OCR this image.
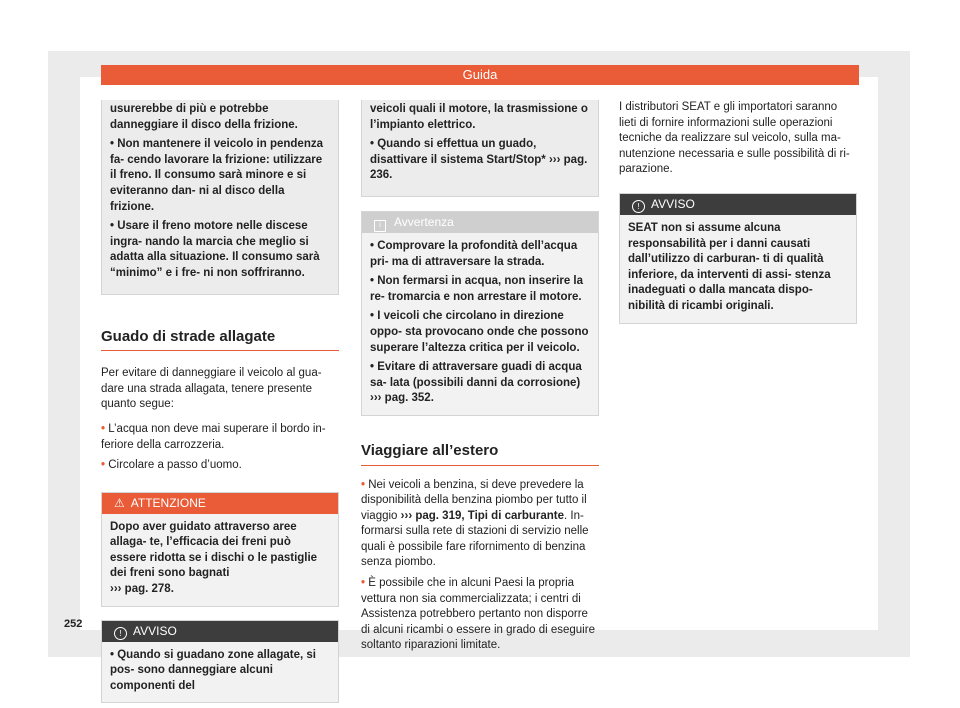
Guida

usurerebbe di più e potrebbe danneggiare il disco della frizione.

• Non mantenere il veicolo in pendenza fa- cendo lavorare la frizione: utilizzare il freno. Il consumo sarà minore e si eviteranno dan- ni al disco della frizione.

• Usare il freno motore nelle discese ingra- nando la marcia che meglio si adatta alla situazione. Il consumo sarà “minimo” e i fre- ni non soffriranno.

Guado di strade allagate

Per evitare di danneggiare il veicolo al gua- dare una strada allagata, tenere presente quanto segue:

• L’acqua non deve mai superare il bordo in- feriore della carrozzeria.

• Circolare a passo d’uomo.

⚠ ATTENZIONE
Dopo aver guidato attraverso aree allaga- te, l’efficacia dei freni può essere ridotta se i dischi o le pastiglie dei freni sono bagnati
››› pag. 278.
! AVVISO
• Quando si guadano zone allagate, si pos- sono danneggiare alcuni componenti del

veicoli quali il motore, la trasmissione o l’impianto elettrico.

• Quando si effettua un guado, disattivare il sistema Start/Stop* ››› pag. 236.

i Avvertenza

• Comprovare la profondità dell’acqua pri- ma di attraversare la strada.

• Non fermarsi in acqua, non inserire la re- tromarcia e non arrestare il motore.

• I veicoli che circolano in direzione oppo- sta provocano onde che possono superare l’altezza critica per il veicolo.

• Evitare di attraversare guadi di acqua sa- lata (possibili danni da corrosione)
››› pag. 352.

Viaggiare all’estero

• Nei veicoli a benzina, si deve prevedere la disponibilità della benzina piombo per tutto il viaggio ››› pag. 319, Tipi di carburante. In- formarsi sulla rete di stazioni di servizio nelle quali è possibile fare rifornimento di benzina senza piombo.

• È possibile che in alcuni Paesi la propria vettura non sia commercializzata; i centri di Assistenza potrebbero pertanto non disporre di alcuni ricambi o essere in grado di eseguire soltanto riparazioni limitate.

I distributori SEAT e gli importatori saranno lieti di fornire informazioni sulle operazioni tecniche da realizzare sul veicolo, sulla ma- nutenzione necessaria e sulle possibilità di ri- parazione.

! AVVISO
SEAT non si assume alcuna responsabilità per i danni causati dall’utilizzo di carburan- ti di qualità inferiore, da interventi di assi- stenza inadeguati o dalla mancata dispo- nibilità di ricambi originali.
252
